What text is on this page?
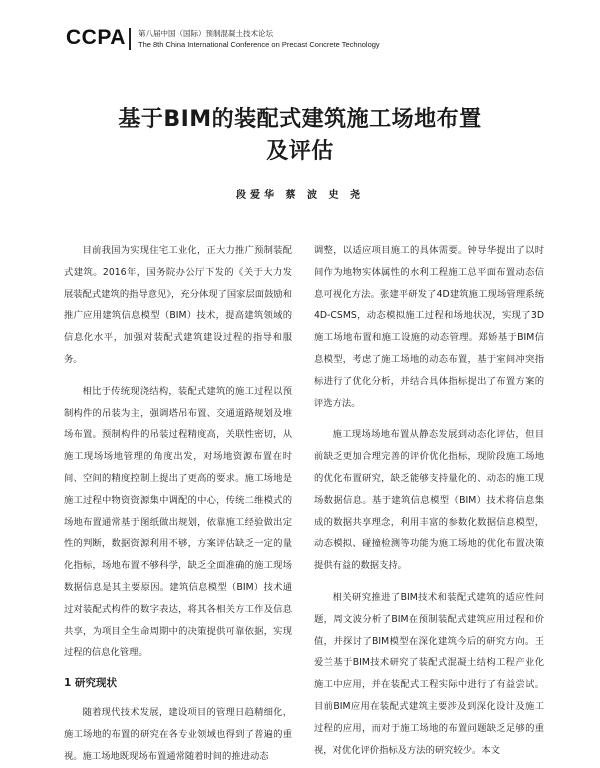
CCPA 第八届中国（国际）预制混凝土技术论坛
The 8th China International Conference on Precast Concrete Technology
基于BIM的装配式建筑施工场地布置
及评估
段爱华 蔡 波 史 尧

目前我国为实现住宅工业化，正大力推广预制装配式建筑。2016年，国务院办公厅下发的《关于大力发展装配式建筑的指导意见》，充分体现了国家层面鼓励和推广应用建筑信息模型（BIM）技术，提高建筑领域的信息化水平，加强对装配式建筑建设过程的指导和服务。

相比于传统现浇结构，装配式建筑的施工过程以预制构件的吊装为主，强调塔吊布置、交通道路规划及堆场布置。预制构件的吊装过程精度高，关联性密切，从施工现场场地管理的角度出发，对场地资源布置在时间、空间的精度控制上提出了更高的要求。施工场地是施工过程中物资资源集中调配的中心，传统二维模式的场地布置通常基于图纸做出规划，依靠施工经验做出定性的判断，数据资源利用不够，方案评估缺乏一定的量化指标，场地布置不够科学，缺乏全面准确的施工现场数据信息是其主要原因。建筑信息模型（BIM）技术通过对装配式构件的数字表达，将其各相关方工作及信息共享，为项目全生命周期中的决策提供可靠依据，实现过程的信息化管理。

1 研究现状

随着现代技术发展，建设项目的管理日趋精细化，施工场地的布置的研究在各专业领域也得到了普遍的重视。施工场地既现场布置通常随着时间的推进动态

调整，以适应项目施工的具体需要。钟导华提出了以时间作为地物实体属性的水利工程施工总平面布置动态信息可视化方法。张建平研发了4D建筑施工现场管理系统4D-CSMS，动态模拟施工过程和场地状况，实现了3D施工场地布置和施工设施的动态管理。郑娇基于BIM信息模型，考虑了施工场地的动态布置，基于室间冲突指标进行了优化分析，并结合具体指标提出了布置方案的评选方法。

施工现场场地布置从静态发展到动态化评估，但目前缺乏更加合理完善的评价优化指标，现阶段施工场地的优化布置研究，缺乏能够支持量化的、动态的施工现场数据信息。基于建筑信息模型（BIM）技术将信息集成的数据共享理念，利用丰富的参数化数据信息模型，动态模拟、碰撞检测等功能为施工场地的优化布置决策提供有益的数据支持。

相关研究推进了BIM技术和装配式建筑的适应性问题，周文波分析了BIM在预制装配式建筑应用过程和价值，并探讨了BIM模型在深化建筑今后的研究方向。王爱兰基于BIM技术研究了装配式混凝土结构工程产业化施工中应用，并在装配式工程实际中进行了有益尝试。目前BIM应用在装配式建筑主要涉及到深化设计及施工过程的应用，而对于施工场地的布置问题缺乏足够的重视，对优化评价指标及方法的研究较少。本文
